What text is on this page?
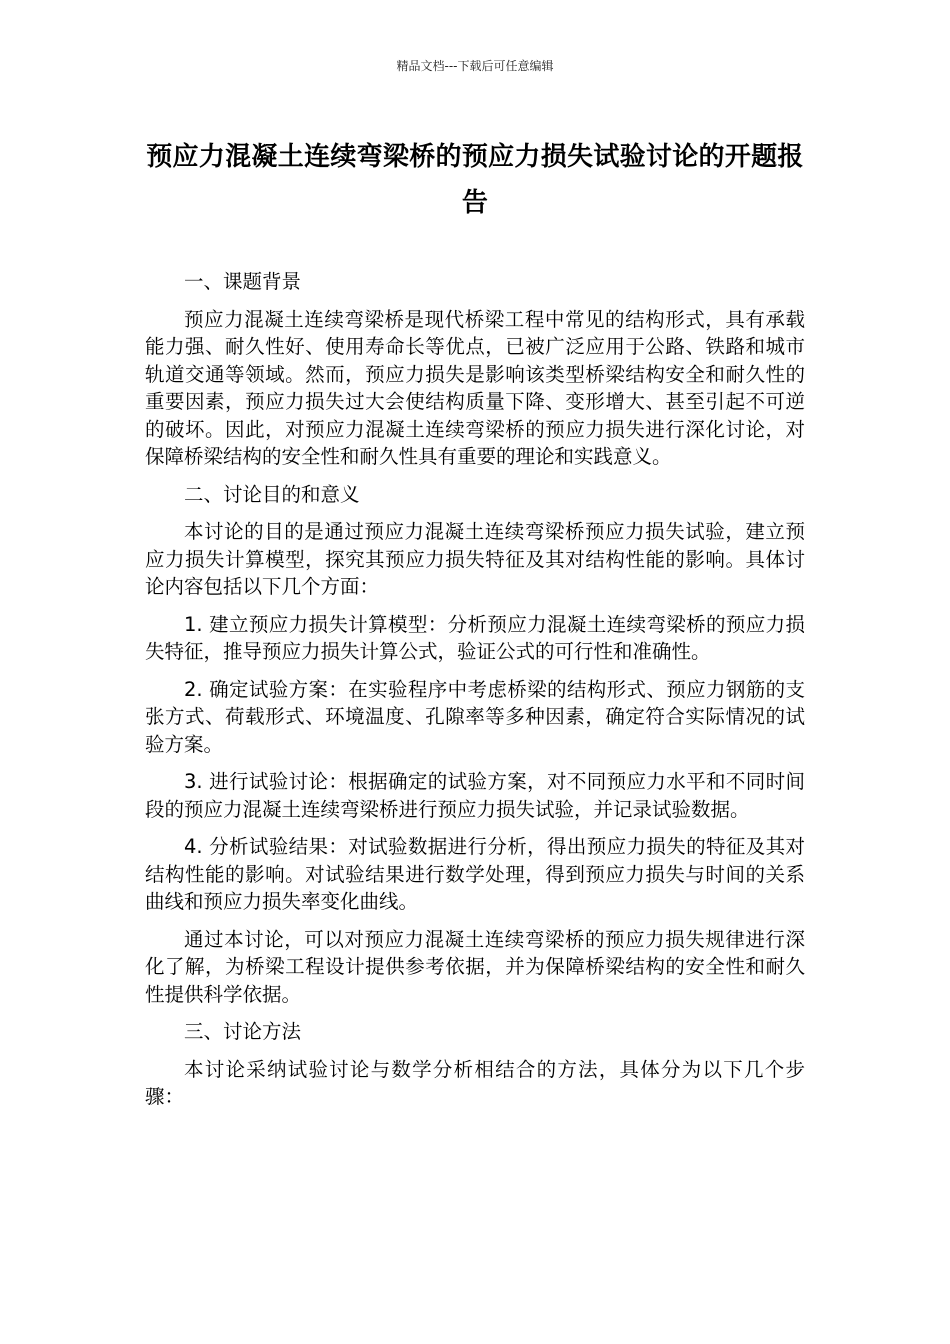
精品文档---下载后可任意编辑
预应力混凝土连续弯梁桥的预应力损失试验讨论的开题报告

一、课题背景

预应力混凝土连续弯梁桥是现代桥梁工程中常见的结构形式，具有承载能力强、耐久性好、使用寿命长等优点，已被广泛应用于公路、铁路和城市轨道交通等领域。然而，预应力损失是影响该类型桥梁结构安全和耐久性的重要因素，预应力损失过大会使结构质量下降、变形增大、甚至引起不可逆的破坏。因此，对预应力混凝土连续弯梁桥的预应力损失进行深化讨论，对保障桥梁结构的安全性和耐久性具有重要的理论和实践意义。

二、讨论目的和意义

本讨论的目的是通过预应力混凝土连续弯梁桥预应力损失试验，建立预应力损失计算模型，探究其预应力损失特征及其对结构性能的影响。具体讨论内容包括以下几个方面：

1. 建立预应力损失计算模型：分析预应力混凝土连续弯梁桥的预应力损失特征，推导预应力损失计算公式，验证公式的可行性和准确性。

2. 确定试验方案：在实验程序中考虑桥梁的结构形式、预应力钢筋的支张方式、荷载形式、环境温度、孔隙率等多种因素，确定符合实际情况的试验方案。

3. 进行试验讨论：根据确定的试验方案，对不同预应力水平和不同时间段的预应力混凝土连续弯梁桥进行预应力损失试验，并记录试验数据。

4. 分析试验结果：对试验数据进行分析，得出预应力损失的特征及其对结构性能的影响。对试验结果进行数学处理，得到预应力损失与时间的关系曲线和预应力损失率变化曲线。

通过本讨论，可以对预应力混凝土连续弯梁桥的预应力损失规律进行深化了解，为桥梁工程设计提供参考依据，并为保障桥梁结构的安全性和耐久性提供科学依据。

三、讨论方法

本讨论采纳试验讨论与数学分析相结合的方法，具体分为以下几个步骤：
